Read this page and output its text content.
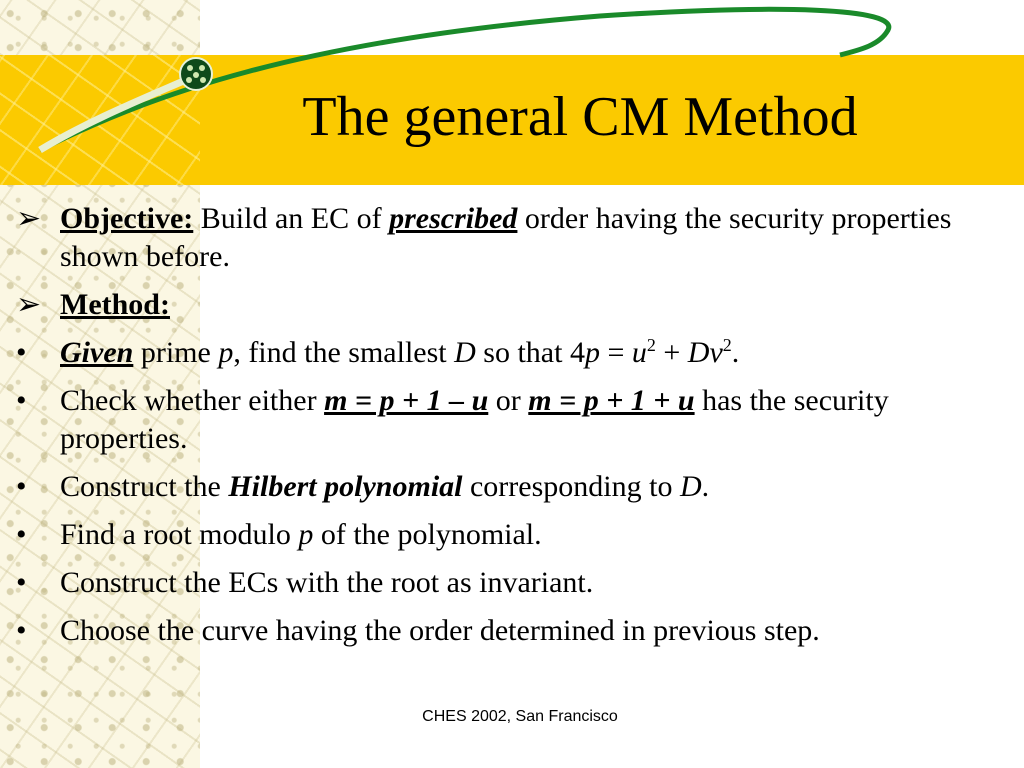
The general CM Method
➢ Objective: Build an EC of prescribed order having the security properties shown before.
➢ Method:
•	Given prime p, find the smallest D so that $4p = u^2 + Dv^2$.
•	Check whether either m = p + 1 – u or m = p + 1 + u has the security properties.
•	Construct the Hilbert polynomial corresponding to D.
•	Find a root modulo p of the polynomial.
•	Construct the ECs with the root as invariant.
•	Choose the curve having the order determined in previous step.
CHES 2002, San Francisco
